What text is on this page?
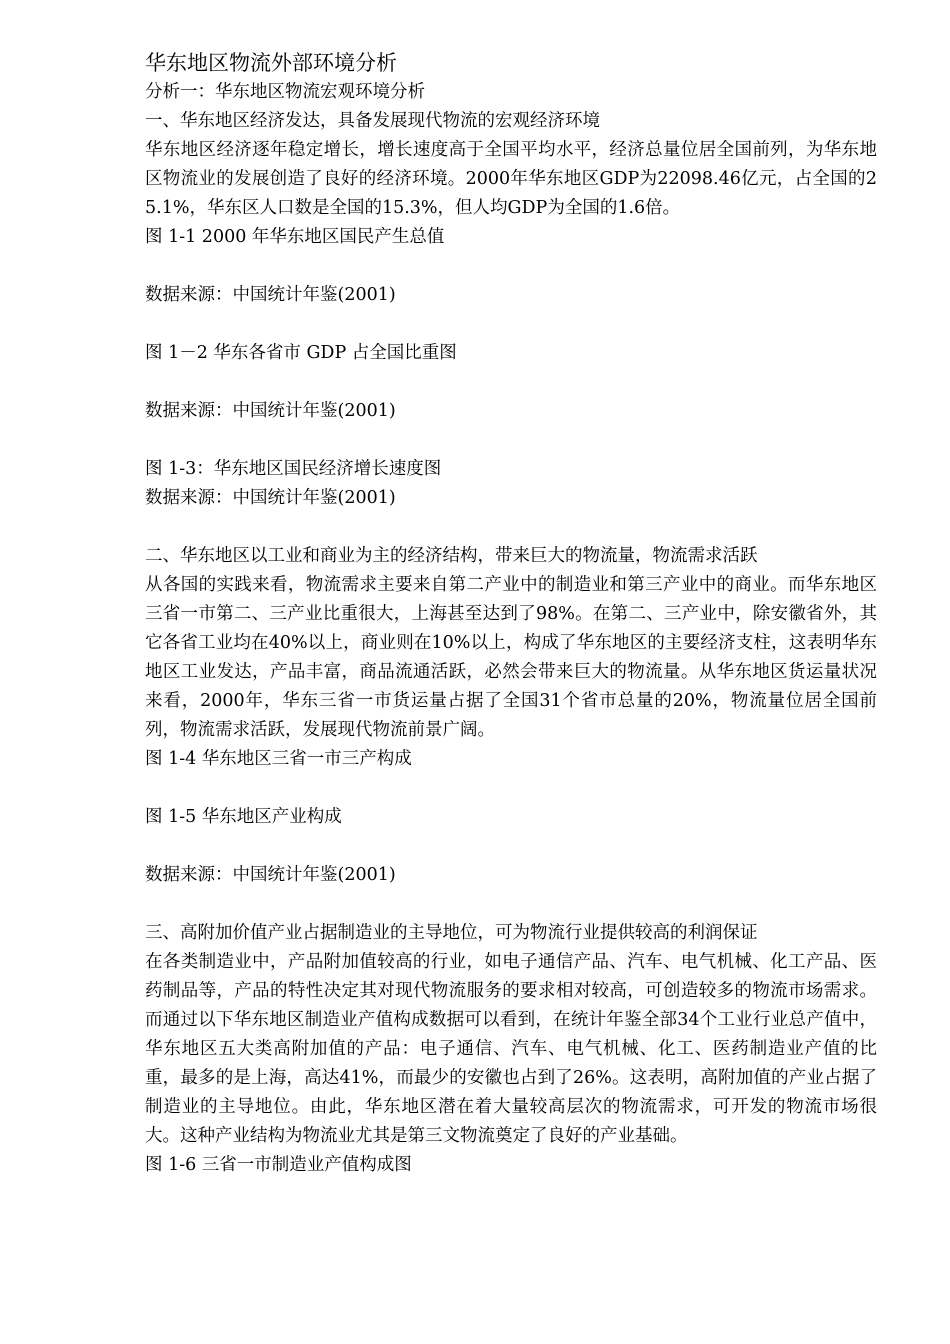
华东地区物流外部环境分析

分析一：华东地区物流宏观环境分析

一、华东地区经济发达，具备发展现代物流的宏观经济环境

华东地区经济逐年稳定增长，增长速度高于全国平均水平，经济总量位居全国前列，为华东地区物流业的发展创造了良好的经济环境。2000年华东地区GDP为22098.46亿元，占全国的25.1%，华东区人口数是全国的15.3%，但人均GDP为全国的1.6倍。

图 1-1 2000 年华东地区国民产生总值

数据来源：中国统计年鉴(2001)

图 1－2 华东各省市 GDP 占全国比重图

数据来源：中国统计年鉴(2001)

图 1-3：华东地区国民经济增长速度图

数据来源：中国统计年鉴(2001)

二、华东地区以工业和商业为主的经济结构，带来巨大的物流量，物流需求活跃

从各国的实践来看，物流需求主要来自第二产业中的制造业和第三产业中的商业。而华东地区三省一市第二、三产业比重很大，上海甚至达到了98%。在第二、三产业中，除安徽省外，其它各省工业均在40%以上，商业则在10%以上，构成了华东地区的主要经济支柱，这表明华东地区工业发达，产品丰富，商品流通活跃，必然会带来巨大的物流量。从华东地区货运量状况来看，2000年，华东三省一市货运量占据了全国31个省市总量的20%，物流量位居全国前列，物流需求活跃，发展现代物流前景广阔。

图 1-4 华东地区三省一市三产构成

图 1-5 华东地区产业构成

数据来源：中国统计年鉴(2001)

三、高附加价值产业占据制造业的主导地位，可为物流行业提供较高的利润保证

在各类制造业中，产品附加值较高的行业，如电子通信产品、汽车、电气机械、化工产品、医药制品等，产品的特性决定其对现代物流服务的要求相对较高，可创造较多的物流市场需求。而通过以下华东地区制造业产值构成数据可以看到，在统计年鉴全部34个工业行业总产值中，华东地区五大类高附加值的产品：电子通信、汽车、电气机械、化工、医药制造业产值的比重，最多的是上海，高达41%，而最少的安徽也占到了26%。这表明，高附加值的产业占据了制造业的主导地位。由此，华东地区潜在着大量较高层次的物流需求，可开发的物流市场很大。这种产业结构为物流业尤其是第三文物流奠定了良好的产业基础。

图 1-6 三省一市制造业产值构成图
